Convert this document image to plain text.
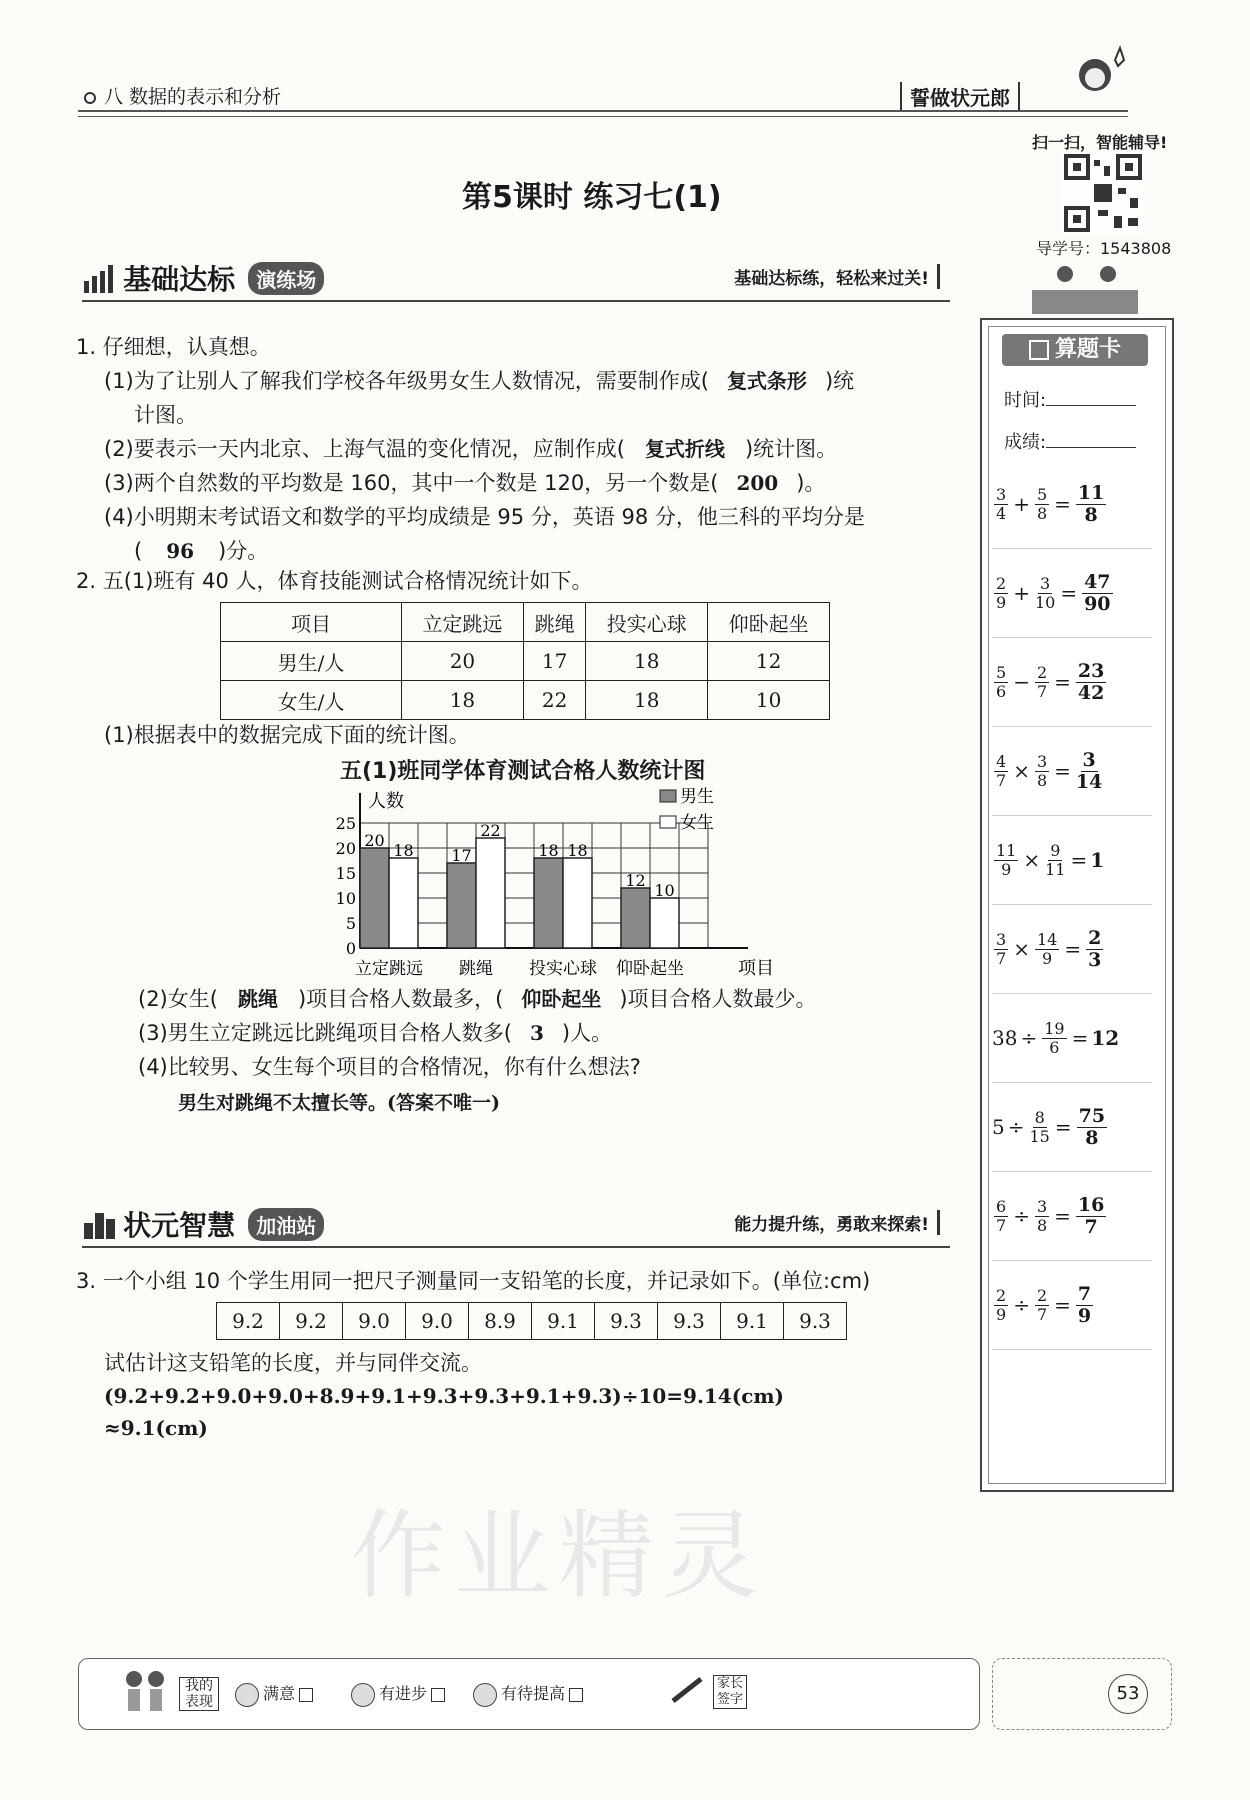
八 数据的表示和分析	誓做状元郎
扫一扫，智能辅导!
导学号：1543808
第5课时 练习七(1)
基础达标 演练场	基础达标练，轻松来过关!
1. 仔细想，认真想。
(1)为了让别人了解我们学校各年级男女生人数情况，需要制作成( 复式条形 )统
计图。
(2)要表示一天内北京、上海气温的变化情况，应制作成( 复式折线 )统计图。
(3)两个自然数的平均数是 160，其中一个数是 120，另一个数是( 200 )。
(4)小明期末考试语文和数学的平均成绩是 95 分，英语 98 分，他三科的平均分是
( 96 )分。
2. 五(1)班有 40 人，体育技能测试合格情况统计如下。
项目	立定跳远	跳绳	投实心球	仰卧起坐
男生/人	20	17	18	12
女生/人	18	22	18	10
(1)根据表中的数据完成下面的统计图。
五(1)班同学体育测试合格人数统计图
0
5
10
15
20
25
人数
项目
男生
女生
20
18
立定跳远
17
22
跳绳
18 18
投实心球
12
10
仰卧起坐
(2)女生( 跳绳 )项目合格人数最多，( 仰卧起坐 )项目合格人数最少。
(3)男生立定跳远比跳绳项目合格人数多( 3 )人。
(4)比较男、女生每个项目的合格情况，你有什么想法?
男生对跳绳不太擅长等。(答案不唯一)
状元智慧 加油站	能力提升练，勇敢来探索!
3. 一个小组 10 个学生用同一把尺子测量同一支铅笔的长度，并记录如下。(单位:cm)
9.2	9.2	9.0	9.0	8.9	9.1	9.3	9.3	9.1	9.3
试估计这支铅笔的长度，并与同伴交流。
(9.2+9.2+9.0+9.0+8.9+9.1+9.3+9.3+9.1+9.3)÷10=9.14(cm)
≈9.1(cm)
作业精灵
算题卡
时间:
成绩:
$\frac{3}{4} + \frac{5}{8} = \frac{11}{8}$
$\frac{2}{9} + \frac{3}{10} = \frac{47}{90}$
$\frac{5}{6} - \frac{2}{7} = \frac{23}{42}$
$\frac{4}{7} \times \frac{3}{8} = \frac{3}{14}$
$\frac{11}{9} \times \frac{9}{11} = 1$
$\frac{3}{7} \times \frac{14}{9} = \frac{2}{3}$
$38 \div \frac{19}{6} = 12$
$5 \div \frac{8}{15} = \frac{75}{8}$
$\frac{6}{7} \div \frac{3}{8} = \frac{16}{7}$
$\frac{2}{9} \div \frac{2}{7} = \frac{7}{9}$
我的表现	满意	有进步	有待提高
家长签字	53
